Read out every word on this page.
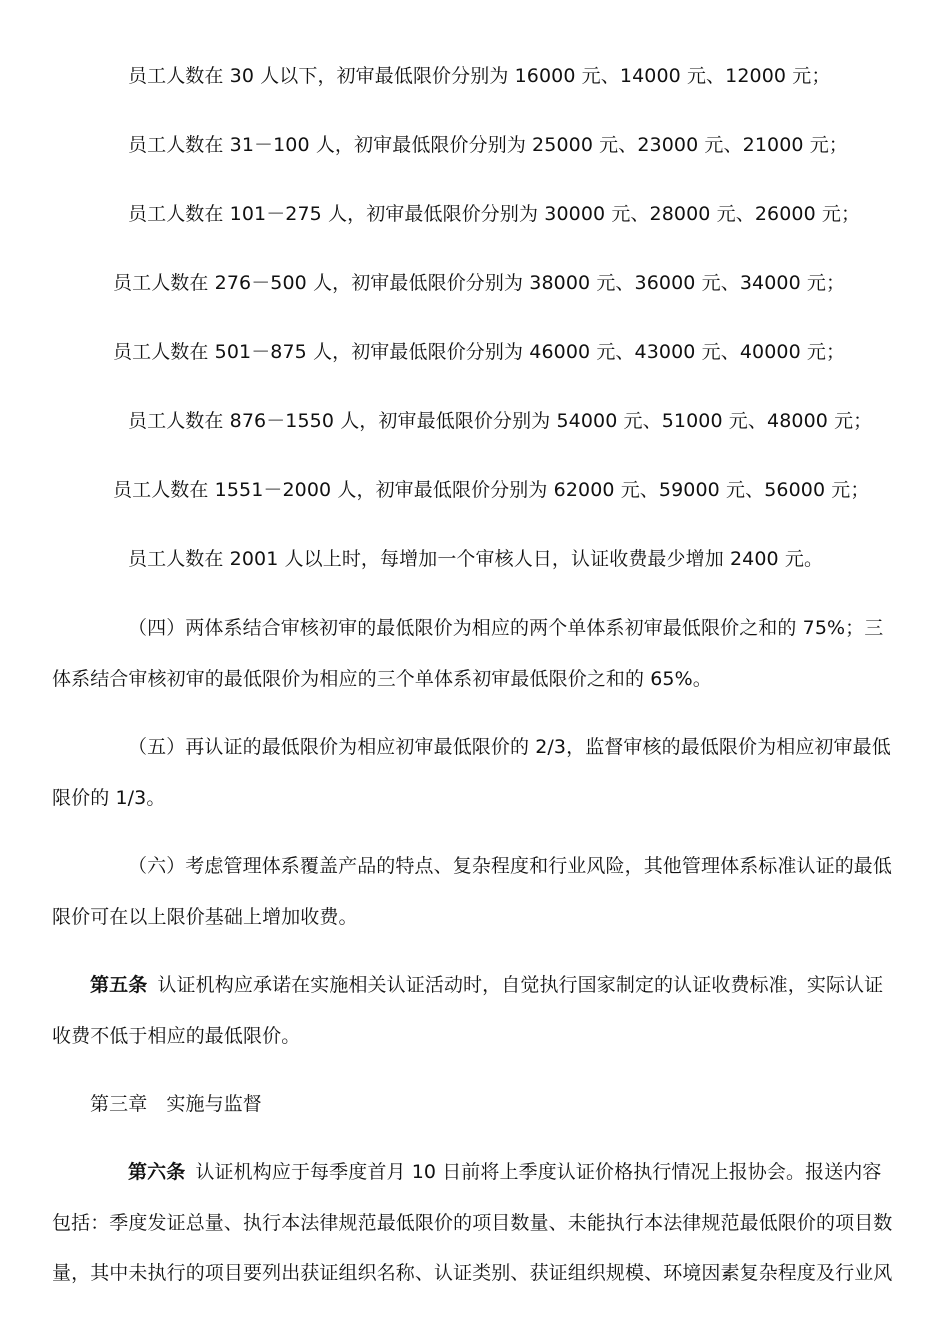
员工人数在 30 人以下，初审最低限价分别为 16000 元、14000 元、12000 元；
员工人数在 31－100 人，初审最低限价分别为 25000 元、23000 元、21000 元；
员工人数在 101－275 人，初审最低限价分别为 30000 元、28000 元、26000 元；
员工人数在 276－500 人，初审最低限价分别为 38000 元、36000 元、34000 元；
员工人数在 501－875 人，初审最低限价分别为 46000 元、43000 元、40000 元；
员工人数在 876－1550 人，初审最低限价分别为 54000 元、51000 元、48000 元；
员工人数在 1551－2000 人，初审最低限价分别为 62000 元、59000 元、56000 元；
员工人数在 2001 人以上时，每增加一个审核人日，认证收费最少增加 2400 元。
（四）两体系结合审核初审的最低限价为相应的两个单体系初审最低限价之和的 75%；三
体系结合审核初审的最低限价为相应的三个单体系初审最低限价之和的 65%。
（五）再认证的最低限价为相应初审最低限价的 2/3，监督审核的最低限价为相应初审最低
限价的 1/3。
（六）考虑管理体系覆盖产品的特点、复杂程度和行业风险，其他管理体系标准认证的最低
限价可在以上限价基础上增加收费。
第五条 认证机构应承诺在实施相关认证活动时，自觉执行国家制定的认证收费标准，实际认证
收费不低于相应的最低限价。
第三章　实施与监督
第六条 认证机构应于每季度首月 10 日前将上季度认证价格执行情况上报协会。报送内容
包括：季度发证总量、执行本法律规范最低限价的项目数量、未能执行本法律规范最低限价的项目数
量，其中未执行的项目要列出获证组织名称、认证类别、获证组织规模、环境因素复杂程度及行业风
